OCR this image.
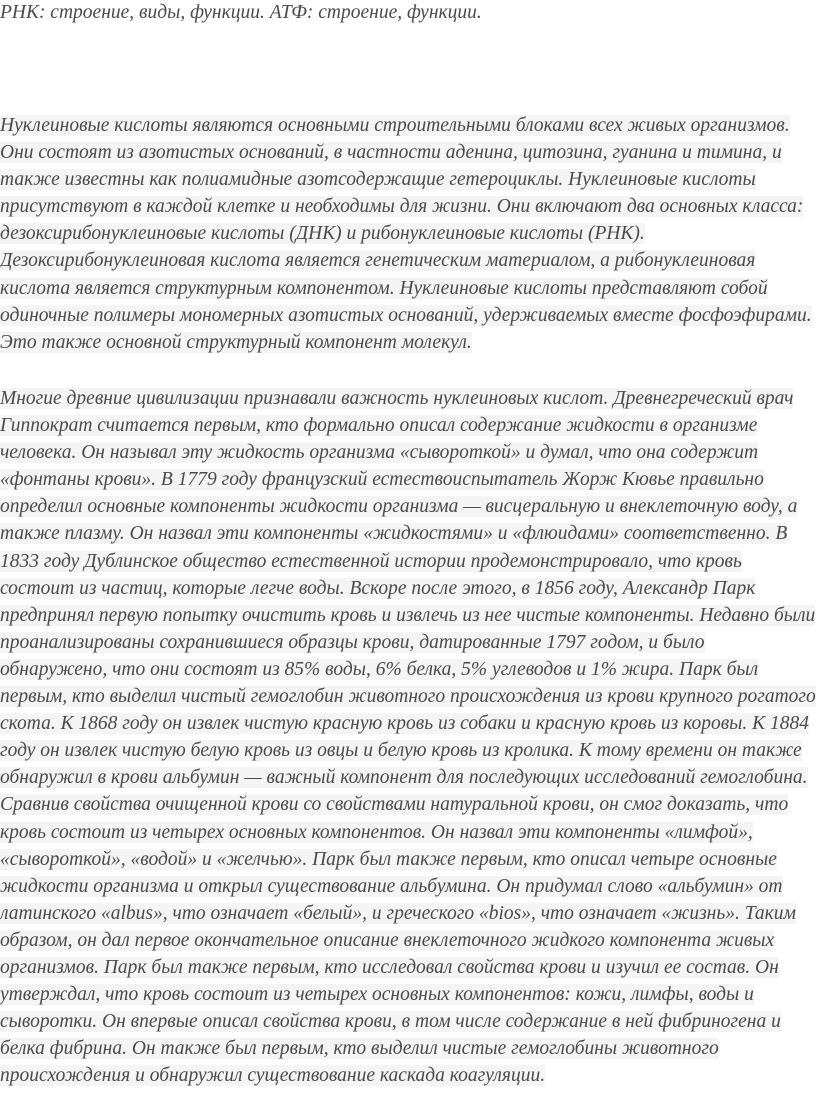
РНК: строение, виды, функции. АТФ: строение, функции.

Нуклеиновые кислоты являются основными строительными блоками всех живых организмов. Они состоят из азотистых оснований, в частности аденина, цитозина, гуанина и тимина, и также известны как полиамидные азотсодержащие гетероциклы. Нуклеиновые кислоты присутствуют в каждой клетке и необходимы для жизни. Они включают два основных класса: дезоксирибонуклеиновые кислоты (ДНК) и рибонуклеиновые кислоты (РНК). Дезоксирибонуклеиновая кислота является генетическим материалом, а рибонуклеиновая кислота является структурным компонентом. Нуклеиновые кислоты представляют собой одиночные полимеры мономерных азотистых оснований, удерживаемых вместе фосфоэфирами. Это также основной структурный компонент молекул.

Многие древние цивилизации признавали важность нуклеиновых кислот. Древнегреческий врач Гиппократ считается первым, кто формально описал содержание жидкости в организме человека. Он называл эту жидкость организма «сывороткой» и думал, что она содержит «фонтаны крови». В 1779 году французский естествоиспытатель Жорж Кювье правильно определил основные компоненты жидкости организма — висцеральную и внеклеточную воду, а также плазму. Он назвал эти компоненты «жидкостями» и «флюидами» соответственно. В 1833 году Дублинское общество естественной истории продемонстрировало, что кровь состоит из частиц, которые легче воды. Вскоре после этого, в 1856 году, Александр Парк предпринял первую попытку очистить кровь и извлечь из нее чистые компоненты. Недавно были проанализированы сохранившиеся образцы крови, датированные 1797 годом, и было обнаружено, что они состоят из 85% воды, 6% белка, 5% углеводов и 1% жира. Парк был первым, кто выделил чистый гемоглобин животного происхождения из крови крупного рогатого скота. К 1868 году он извлек чистую красную кровь из собаки и красную кровь из коровы. К 1884 году он извлек чистую белую кровь из овцы и белую кровь из кролика. К тому времени он также обнаружил в крови альбумин — важный компонент для последующих исследований гемоглобина. Сравнив свойства очищенной крови со свойствами натуральной крови, он смог доказать, что кровь состоит из четырех основных компонентов. Он назвал эти компоненты «лимфой», «сывороткой», «водой» и «желчью». Парк был также первым, кто описал четыре основные жидкости организма и открыл существование альбумина. Он придумал слово «альбумин» от латинского «albus», что означает «белый», и греческого «bios», что означает «жизнь». Таким образом, он дал первое окончательное описание внеклеточного жидкого компонента живых организмов. Парк был также первым, кто исследовал свойства крови и изучил ее состав. Он утверждал, что кровь состоит из четырех основных компонентов: кожи, лимфы, воды и сыворотки. Он впервые описал свойства крови, в том числе содержание в ней фибриногена и белка фибрина. Он также был первым, кто выделил чистые гемоглобины животного происхождения и обнаружил существование каскада коагуляции.
